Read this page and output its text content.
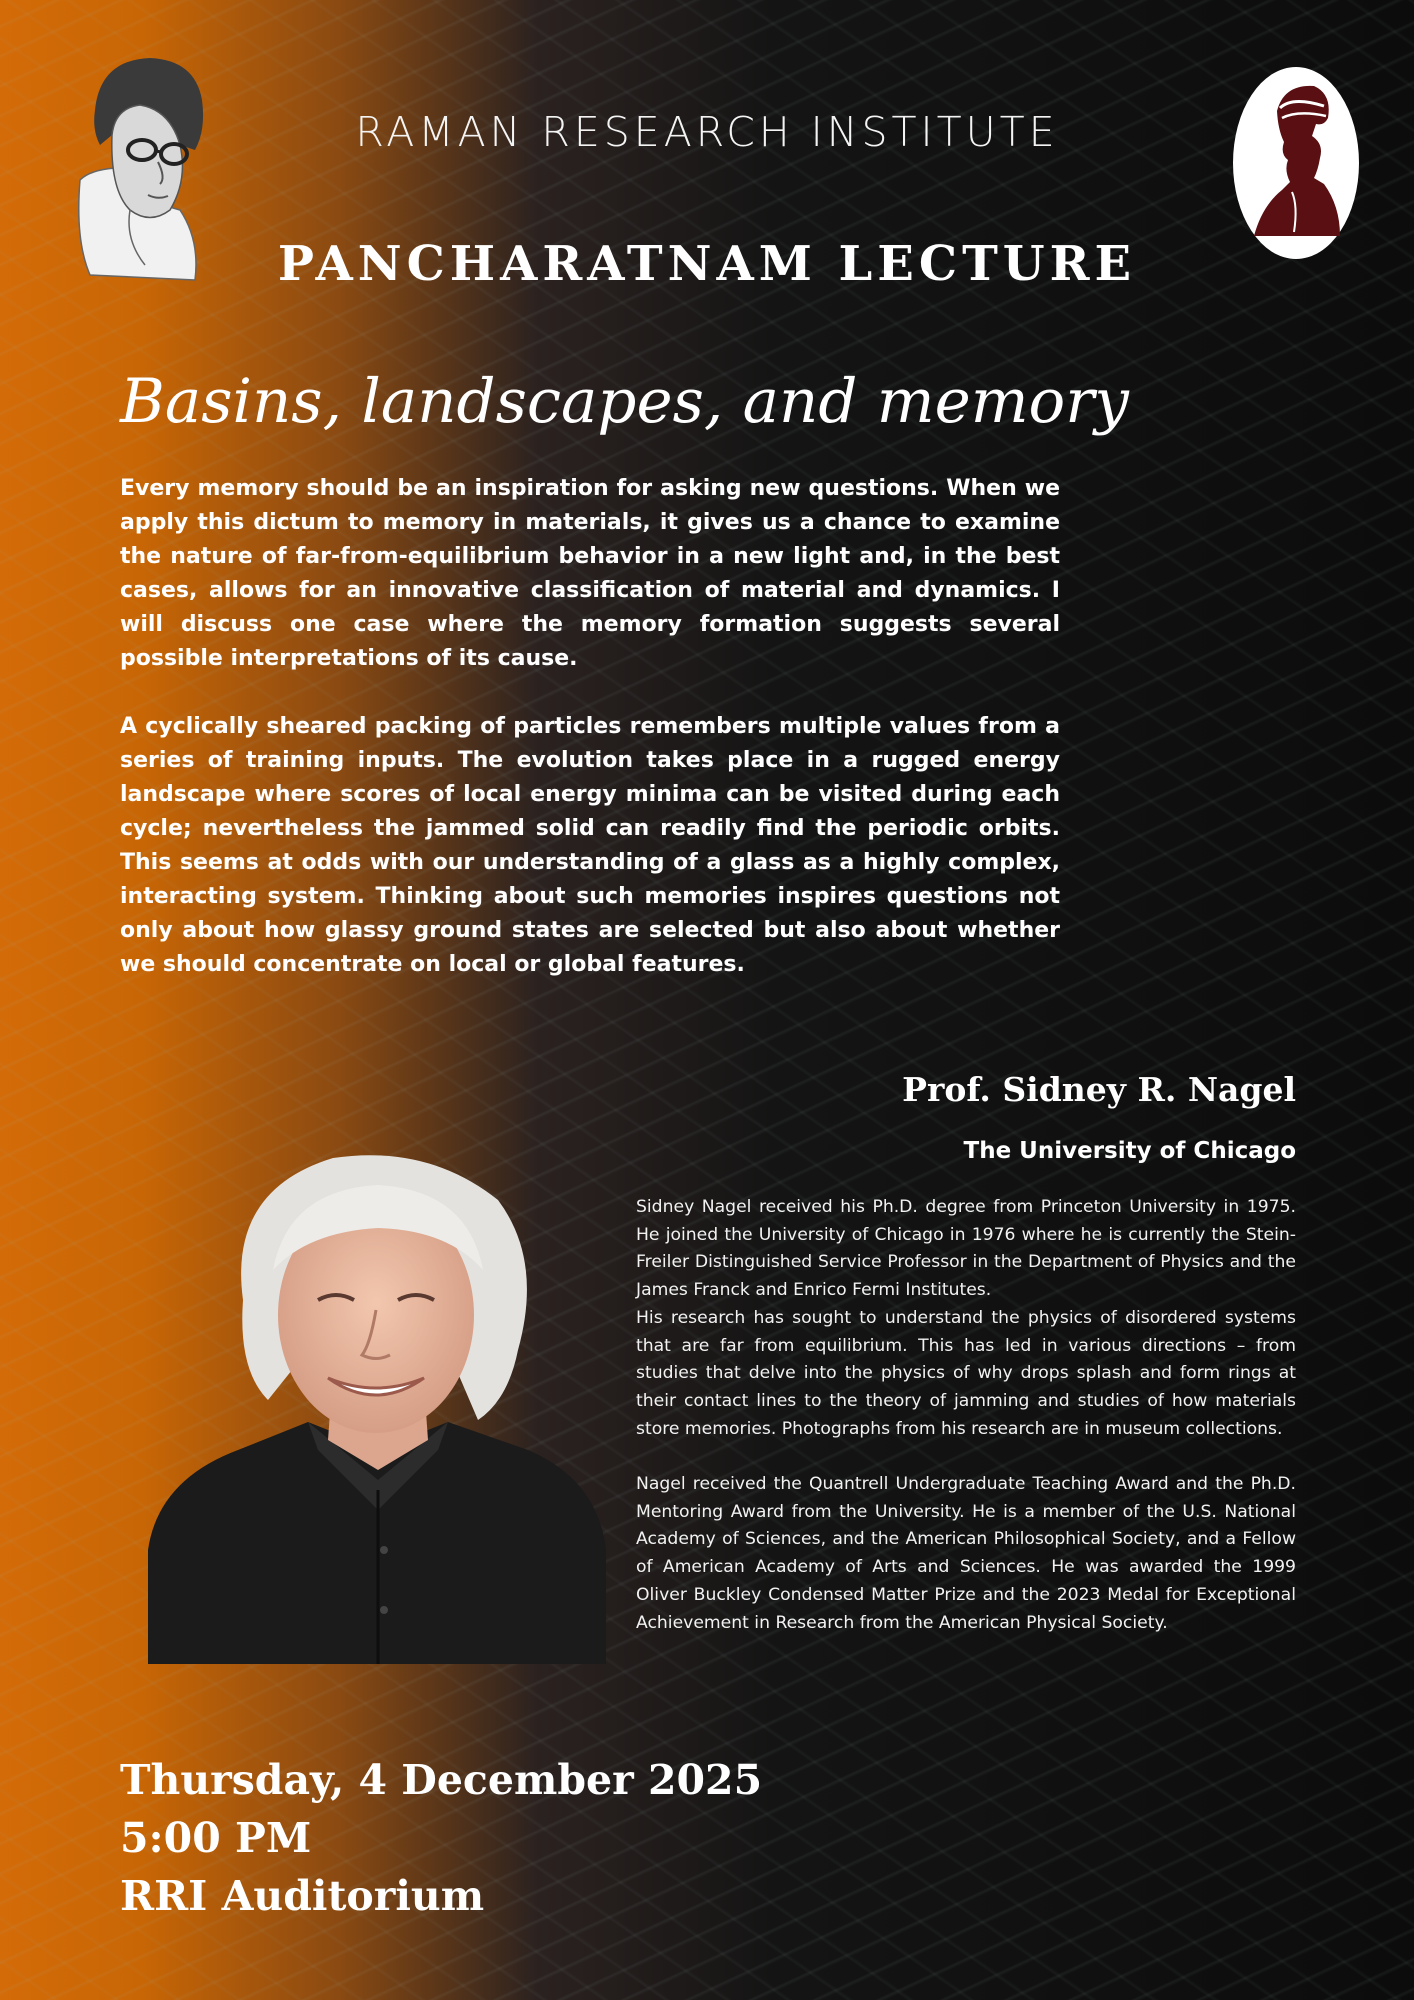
RAMAN RESEARCH INSTITUTE
PANCHARATNAM LECTURE
Basins, landscapes, and memory
Every memory should be an inspiration for asking new questions. When we apply this dictum to memory in materials, it gives us a chance to examine the nature of far-from-equilibrium behavior in a new light and, in the best cases, allows for an innovative classification of material and dynamics. I will discuss one case where the memory formation suggests several possible interpretations of its cause.
A cyclically sheared packing of particles remembers multiple values from a series of training inputs. The evolution takes place in a rugged energy landscape where scores of local energy minima can be visited during each cycle; nevertheless the jammed solid can readily find the periodic orbits. This seems at odds with our understanding of a glass as a highly complex, interacting system. Thinking about such memories inspires questions not only about how glassy ground states are selected but also about whether we should concentrate on local or global features.
Prof. Sidney R. Nagel
The University of Chicago
Sidney Nagel received his Ph.D. degree from Princeton University in 1975. He joined the University of Chicago in 1976 where he is currently the Stein-Freiler Distinguished Service Professor in the Department of Physics and the James Franck and Enrico Fermi Institutes.
His research has sought to understand the physics of disordered systems that are far from equilibrium. This has led in various directions – from studies that delve into the physics of why drops splash and form rings at their contact lines to the theory of jamming and studies of how materials store memories. Photographs from his research are in museum collections.
Nagel received the Quantrell Undergraduate Teaching Award and the Ph.D. Mentoring Award from the University. He is a member of the U.S. National Academy of Sciences, and the American Philosophical Society, and a Fellow of American Academy of Arts and Sciences. He was awarded the 1999 Oliver Buckley Condensed Matter Prize and the 2023 Medal for Exceptional Achievement in Research from the American Physical Society.
Thursday, 4 December 2025
5:00 PM
RRI Auditorium
